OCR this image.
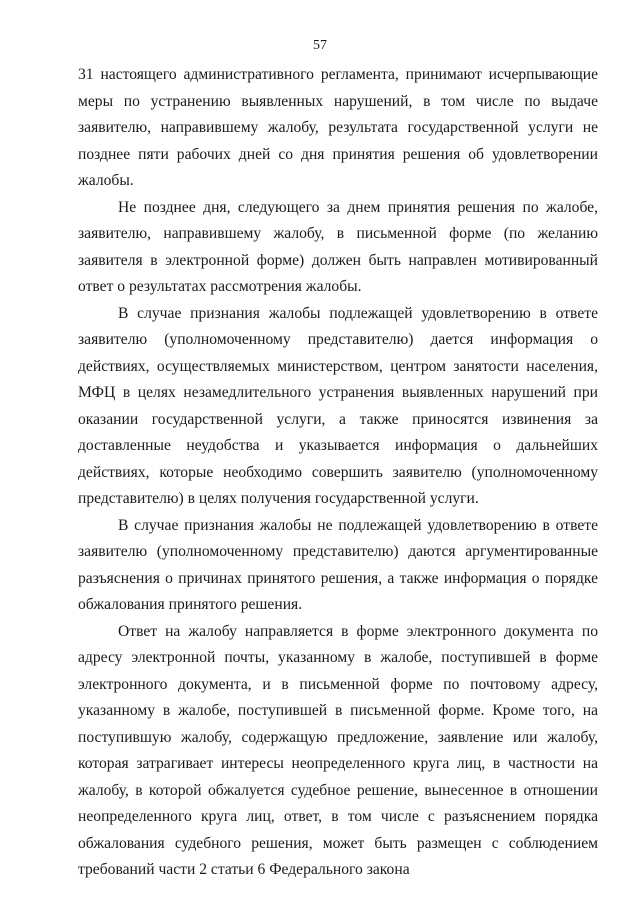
57

31 настоящего административного регламента, принимают исчерпывающие меры по устранению выявленных нарушений, в том числе по выдаче заявителю, направившему жалобу, результата государственной услуги не позднее пяти рабочих дней со дня принятия решения об удовлетворении жалобы.

Не позднее дня, следующего за днем принятия решения по жалобе, заявителю, направившему жалобу, в письменной форме (по желанию заявителя в электронной форме) должен быть направлен мотивированный ответ о результатах рассмотрения жалобы.

В случае признания жалобы подлежащей удовлетворению в ответе заявителю (уполномоченному представителю) дается информация о действиях, осуществляемых министерством, центром занятости населения, МФЦ в целях незамедлительного устранения выявленных нарушений при оказании государственной услуги, а также приносятся извинения за доставленные неудобства и указывается информация о дальнейших действиях, которые необходимо совершить заявителю (уполномоченному представителю) в целях получения государственной услуги.

В случае признания жалобы не подлежащей удовлетворению в ответе заявителю (уполномоченному представителю) даются аргументированные разъяснения о причинах принятого решения, а также информация о порядке обжалования принятого решения.

Ответ на жалобу направляется в форме электронного документа по адресу электронной почты, указанному в жалобе, поступившей в форме электронного документа, и в письменной форме по почтовому адресу, указанному в жалобе, поступившей в письменной форме. Кроме того, на поступившую жалобу, содержащую предложение, заявление или жалобу, которая затрагивает интересы неопределенного круга лиц, в частности на жалобу, в которой обжалуется судебное решение, вынесенное в отношении неопределенного круга лиц, ответ, в том числе с разъяснением порядка обжалования судебного решения, может быть размещен с соблюдением требований части 2 статьи 6 Федерального закона
